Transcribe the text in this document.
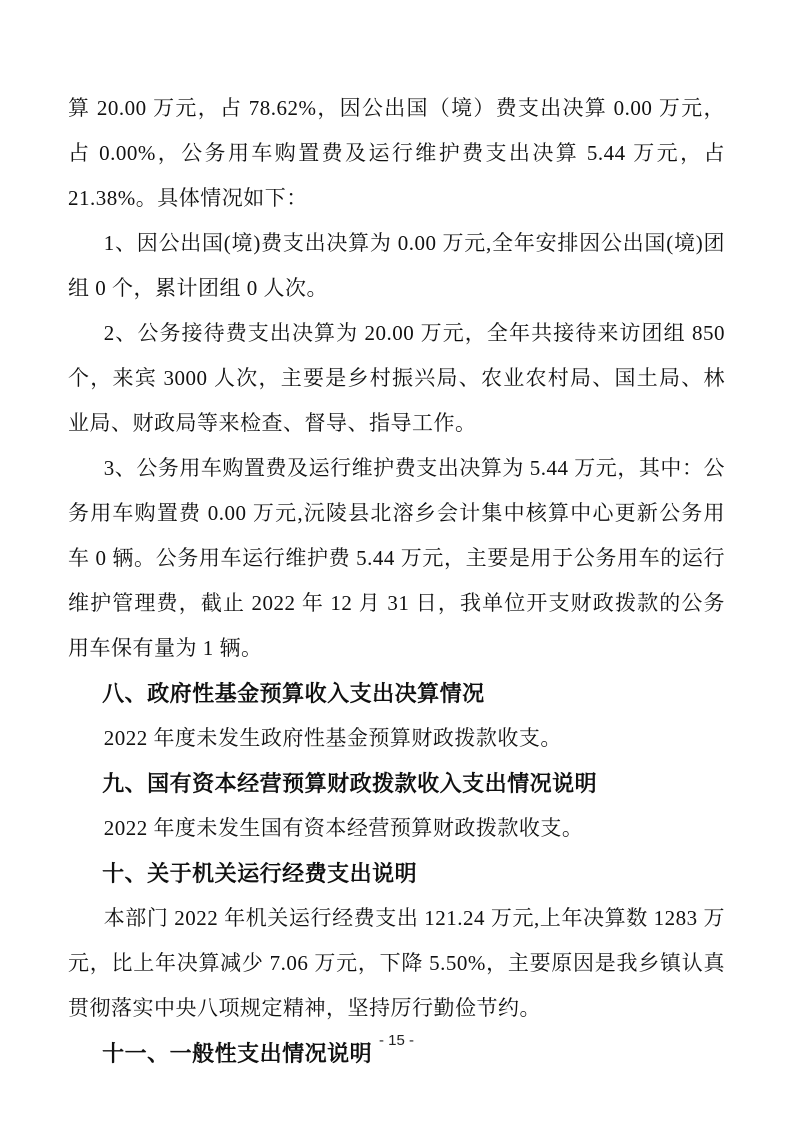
算 20.00 万元，占 78.62%，因公出国（境）费支出决算 0.00 万元，占 0.00%，公务用车购置费及运行维护费支出决算 5.44 万元，占 21.38%。具体情况如下：

1、因公出国(境)费支出决算为 0.00 万元,全年安排因公出国(境)团组 0 个，累计团组 0 人次。

2、公务接待费支出决算为 20.00 万元，全年共接待来访团组 850 个，来宾 3000 人次，主要是乡村振兴局、农业农村局、国土局、林业局、财政局等来检查、督导、指导工作。

3、公务用车购置费及运行维护费支出决算为 5.44 万元，其中：公务用车购置费 0.00 万元,沅陵县北溶乡会计集中核算中心更新公务用车 0 辆。公务用车运行维护费 5.44 万元，主要是用于公务用车的运行维护管理费，截止 2022 年 12 月 31 日，我单位开支财政拨款的公务用车保有量为 1 辆。

八、政府性基金预算收入支出决算情况

2022 年度未发生政府性基金预算财政拨款收支。

九、国有资本经营预算财政拨款收入支出情况说明

2022 年度未发生国有资本经营预算财政拨款收支。

十、关于机关运行经费支出说明

本部门 2022 年机关运行经费支出 121.24 万元,上年决算数 1283 万元，比上年决算减少 7.06 万元，下降 5.50%，主要原因是我乡镇认真贯彻落实中央八项规定精神，坚持厉行勤俭节约。

十一、一般性支出情况说明
- 15 -
